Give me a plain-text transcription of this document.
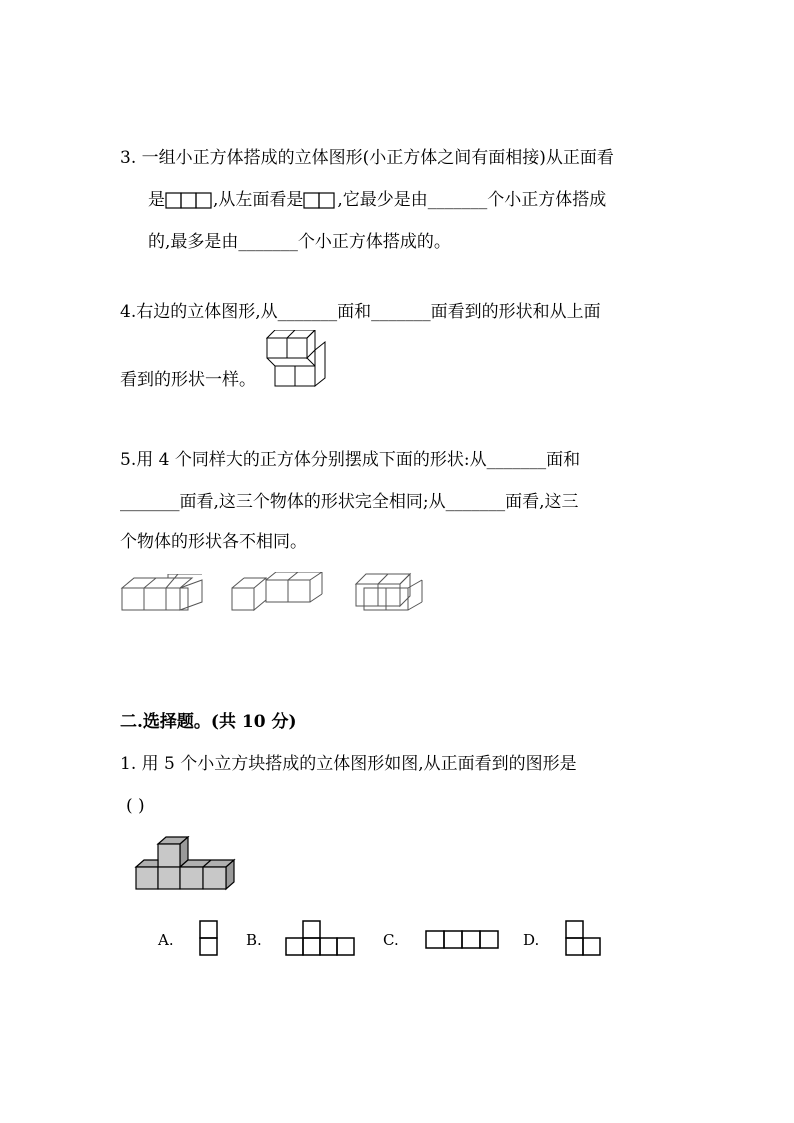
3. 一组小正方体搭成的立体图形(小正方体之间有面相接)从正面看
是	,从左面看是 ,它最少是由_______个小正方体搭成
的,最多是由_______个小正方体搭成的。
4.右边的立体图形,从_______面和_______面看到的形状和从上面
看到的形状一样。
5.用 4 个同样大的正方体分别摆成下面的形状:从_______面和
_______面看,这三个物体的形状完全相同;从_______面看,这三
个物体的形状各不相同。
二.选择题。(共 10 分)
1. 用 5 个小立方块搭成的立体图形如图,从正面看到的图形是
( )
A.	B.	C.	D.
